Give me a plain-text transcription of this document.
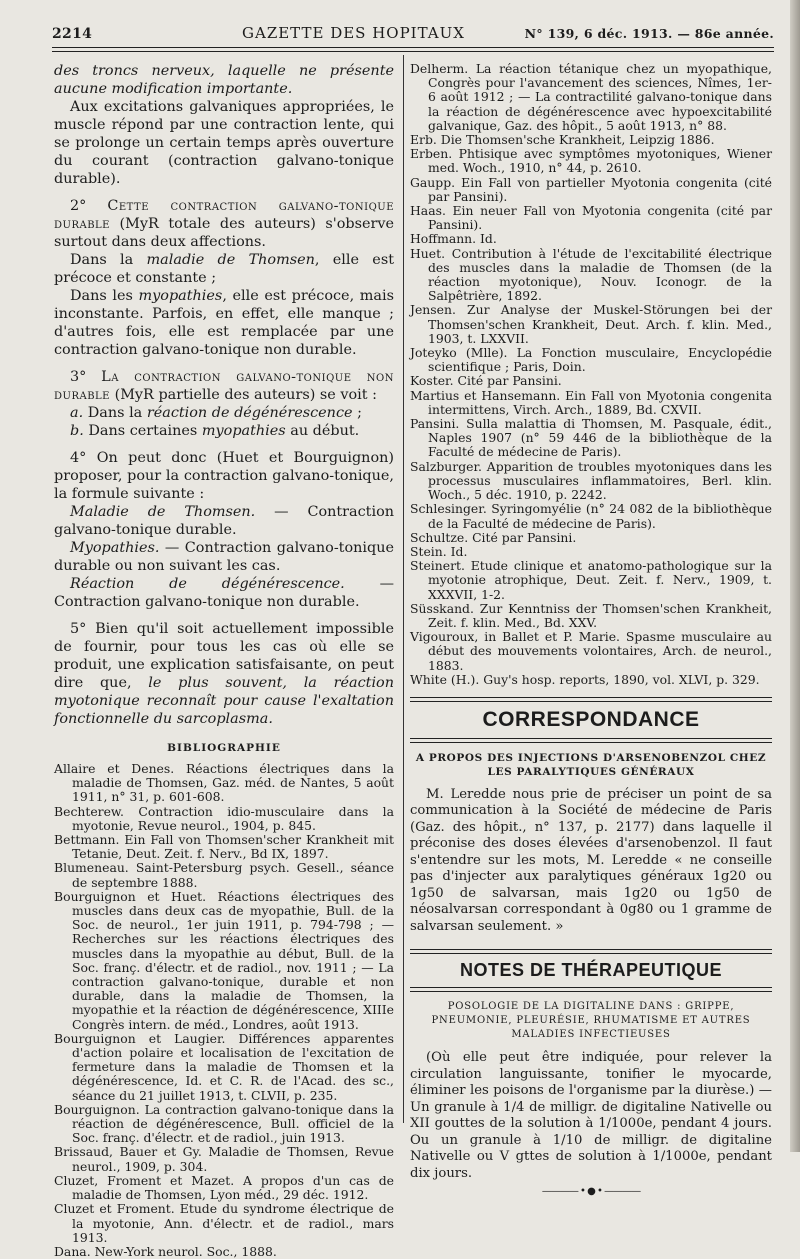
2214	GAZETTE DES HOPITAUX	N° 139, 6 déc. 1913. — 86e année.

des troncs nerveux, laquelle ne présente aucune modification importante.

Aux excitations galvaniques appropriées, le muscle répond par une contraction lente, qui se prolonge un certain temps après ouverture du courant (contraction galvano-tonique durable).

2° Cette contraction galvano-tonique durable (MyR totale des auteurs) s'observe surtout dans deux affections.

Dans la maladie de Thomsen, elle est précoce et constante ;

Dans les myopathies, elle est précoce, mais inconstante. Parfois, en effet, elle manque ; d'autres fois, elle est remplacée par une contraction galvano-tonique non durable.

3° La contraction galvano-tonique non durable (MyR partielle des auteurs) se voit :

a. Dans la réaction de dégénérescence ;

b. Dans certaines myopathies au début.

4° On peut donc (Huet et Bourguignon) proposer, pour la contraction galvano-tonique, la formule suivante :

Maladie de Thomsen. — Contraction galvano-tonique durable.

Myopathies. — Contraction galvano-tonique durable ou non suivant les cas.

Réaction de dégénérescence. — Contraction galvano-tonique non durable.

5° Bien qu'il soit actuellement impossible de fournir, pour tous les cas où elle se produit, une explication satisfaisante, on peut dire que, le plus souvent, la réaction myotonique reconnaît pour cause l'exaltation fonctionnelle du sarcoplasma.

BIBLIOGRAPHIE

Allaire et Denes. Réactions électriques dans la maladie de Thomsen, Gaz. méd. de Nantes, 5 août 1911, n° 31, p. 601-608.

Bechterew. Contraction idio-musculaire dans la myotonie, Revue neurol., 1904, p. 845.

Bettmann. Ein Fall von Thomsen'scher Krankheit mit Tetanie, Deut. Zeit. f. Nerv., Bd IX, 1897.

Blumeneau. Saint-Petersburg psych. Gesell., séance de septembre 1888.

Bourguignon et Huet. Réactions électriques des muscles dans deux cas de myopathie, Bull. de la Soc. de neurol., 1er juin 1911, p. 794-798 ; — Recherches sur les réactions électriques des muscles dans la myopathie au début, Bull. de la Soc. franç. d'électr. et de radiol., nov. 1911 ; — La contraction galvano-tonique, durable et non durable, dans la maladie de Thomsen, la myopathie et la réaction de dégénérescence, XIIIe Congrès intern. de méd., Londres, août 1913.

Bourguignon et Laugier. Différences apparentes d'action polaire et localisation de l'excitation de fermeture dans la maladie de Thomsen et la dégénérescence, Id. et C. R. de l'Acad. des sc., séance du 21 juillet 1913, t. CLVII, p. 235.

Bourguignon. La contraction galvano-tonique dans la réaction de dégénérescence, Bull. officiel de la Soc. franç. d'électr. et de radiol., juin 1913.

Brissaud, Bauer et Gy. Maladie de Thomsen, Revue neurol., 1909, p. 304.

Cluzet, Froment et Mazet. A propos d'un cas de maladie de Thomsen, Lyon méd., 29 déc. 1912.

Cluzet et Froment. Etude du syndrome électrique de la myotonie, Ann. d'électr. et de radiol., mars 1913.

Dana. New-York neurol. Soc., 1888.

Delherm. La réaction tétanique chez un myopathique, Congrès pour l'avancement des sciences, Nîmes, 1er-6 août 1912 ; — La contractilité galvano-tonique dans la réaction de dégénérescence avec hypoexcitabilité galvanique, Gaz. des hôpit., 5 août 1913, n° 88.

Erb. Die Thomsen'sche Krankheit, Leipzig 1886.

Erben. Phtisique avec symptômes myotoniques, Wiener med. Woch., 1910, n° 44, p. 2610.

Gaupp. Ein Fall von partieller Myotonia congenita (cité par Pansini).

Haas. Ein neuer Fall von Myotonia congenita (cité par Pansini).

Hoffmann. Id.

Huet. Contribution à l'étude de l'excitabilité électrique des muscles dans la maladie de Thomsen (de la réaction myotonique), Nouv. Iconogr. de la Salpêtrière, 1892.

Jensen. Zur Analyse der Muskel-Störungen bei der Thomsen'schen Krankheit, Deut. Arch. f. klin. Med., 1903, t. LXXVII.

Joteyko (Mlle). La Fonction musculaire, Encyclopédie scientifique ; Paris, Doin.

Koster. Cité par Pansini.

Martius et Hansemann. Ein Fall von Myotonia congenita intermittens, Virch. Arch., 1889, Bd. CXVII.

Pansini. Sulla malattia di Thomsen, M. Pasquale, édit., Naples 1907 (n° 59 446 de la bibliothèque de la Faculté de médecine de Paris).

Salzburger. Apparition de troubles myotoniques dans les processus musculaires inflammatoires, Berl. klin. Woch., 5 déc. 1910, p. 2242.

Schlesinger. Syringomyélie (n° 24 082 de la bibliothèque de la Faculté de médecine de Paris).

Schultze. Cité par Pansini.

Stein. Id.

Steinert. Etude clinique et anatomo-pathologique sur la myotonie atrophique, Deut. Zeit. f. Nerv., 1909, t. XXXVII, 1-2.

Süsskand. Zur Kenntniss der Thomsen'schen Krankheit, Zeit. f. klin. Med., Bd. XXV.

Vigouroux, in Ballet et P. Marie. Spasme musculaire au début des mouvements volontaires, Arch. de neurol., 1883.

White (H.). Guy's hosp. reports, 1890, vol. XLVI, p. 329.

CORRESPONDANCE
A PROPOS DES INJECTIONS D'ARSENOBENZOL CHEZ LES PARALYTIQUES GÉNÉRAUX

M. Leredde nous prie de préciser un point de sa communication à la Société de médecine de Paris (Gaz. des hôpit., n° 137, p. 2177) dans laquelle il préconise des doses élevées d'arsenobenzol. Il faut s'entendre sur les mots, M. Leredde « ne conseille pas d'injecter aux paralytiques généraux 1g20 ou 1g50 de salvarsan, mais 1g20 ou 1g50 de néosalvarsan correspondant à 0g80 ou 1 gramme de salvarsan seulement. »

NOTES DE THÉRAPEUTIQUE
POSOLOGIE DE LA DIGITALINE DANS : GRIPPE, PNEUMONIE, PLEURÉSIE, RHUMATISME ET AUTRES MALADIES INFECTIEUSES

(Où elle peut être indiquée, pour relever la circulation languissante, tonifier le myocarde, éliminer les poisons de l'organisme par la diurèse.) — Un granule à 1/4 de milligr. de digitaline Nativelle ou XII gouttes de la solution à 1/1000e, pendant 4 jours. Ou un granule à 1/10 de milligr. de digitaline Nativelle ou V gttes de solution à 1/1000e, pendant dix jours.

———— • ● • ————
